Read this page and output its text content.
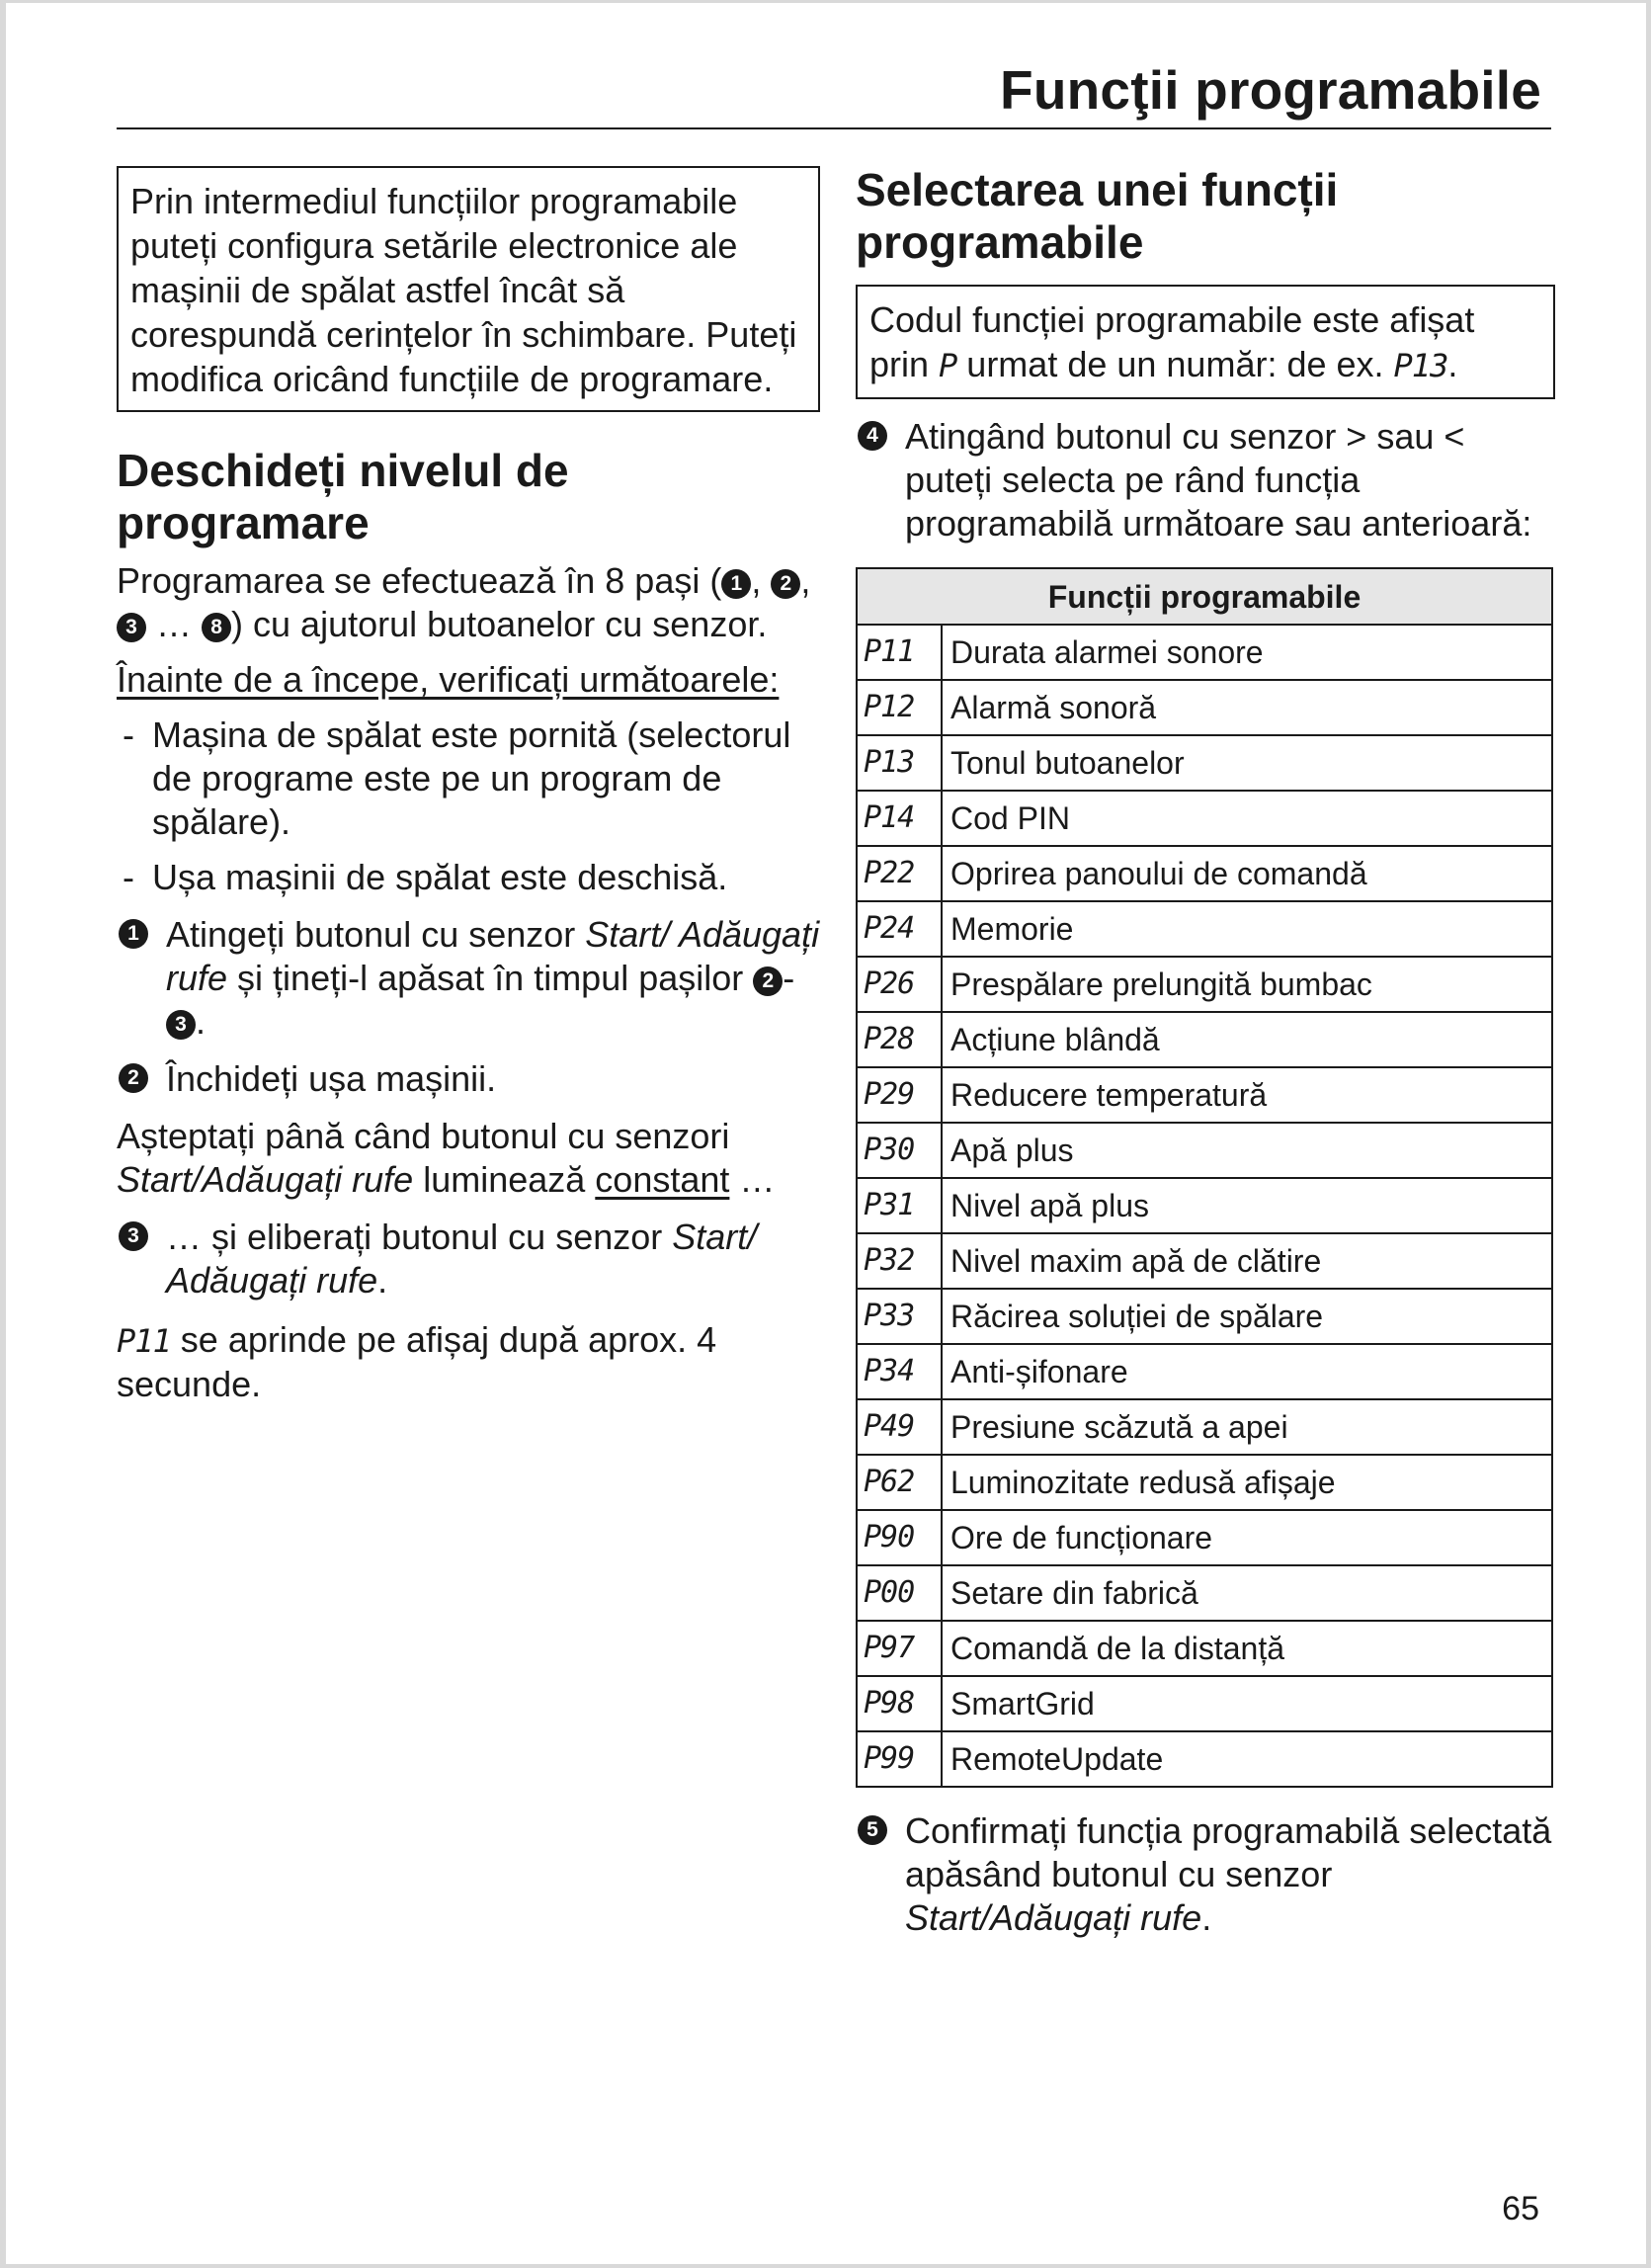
Funcţii programabile
Prin intermediul funcțiilor programabile puteți configura setările electronice ale mașinii de spălat astfel încât să corespundă cerințelor în schimbare. Puteți modifica oricând funcțiile de programare.
Deschideți nivelul de programare

Programarea se efectuează în 8 pași ( 1 , 2 , 3 … 8 ) cu ajutorul butoanelor cu senzor.

Înainte de a începe, verificați următoarele:

- Mașina de spălat este pornită (selectorul de programe este pe un program de spălare).
- Ușa mașinii de spălat este deschisă.
1 Atingeți butonul cu senzor Start/ Adăugați rufe și țineți-l apăsat în timpul pașilor 2 -3 .
2 Închideți ușa mașinii.

Așteptați până când butonul cu senzori Start/Adăugați rufe luminează constant …

3 … și eliberați butonul cu senzor Start/ Adăugați rufe.

P11 se aprinde pe afișaj după aprox. 4 secunde.

Selectarea unei funcții programabile
Codul funcției programabile este afișat prin P urmat de un număr: de ex. P13.
4 Atingând butonul cu senzor > sau < puteți selecta pe rând funcția programabilă următoare sau anterioară:
Funcții programabile	
P11	Durata alarmei sonore
P12	Alarmă sonoră
P13	Tonul butoanelor
P14	Cod PIN
P22	Oprirea panoului de comandă
P24	Memorie
P26	Prespălare prelungită bumbac
P28	Acțiune blândă
P29	Reducere temperatură
P30	Apă plus
P31	Nivel apă plus
P32	Nivel maxim apă de clătire
P33	Răcirea soluției de spălare
P34	Anti-șifonare
P49	Presiune scăzută a apei
P62	Luminozitate redusă afișaje
P90	Ore de funcționare
P00	Setare din fabrică
P97	Comandă de la distanță
P98	SmartGrid
P99	RemoteUpdate
5 Confirmați funcția programabilă selectată apăsând butonul cu senzor Start/Adăugați rufe.
65
